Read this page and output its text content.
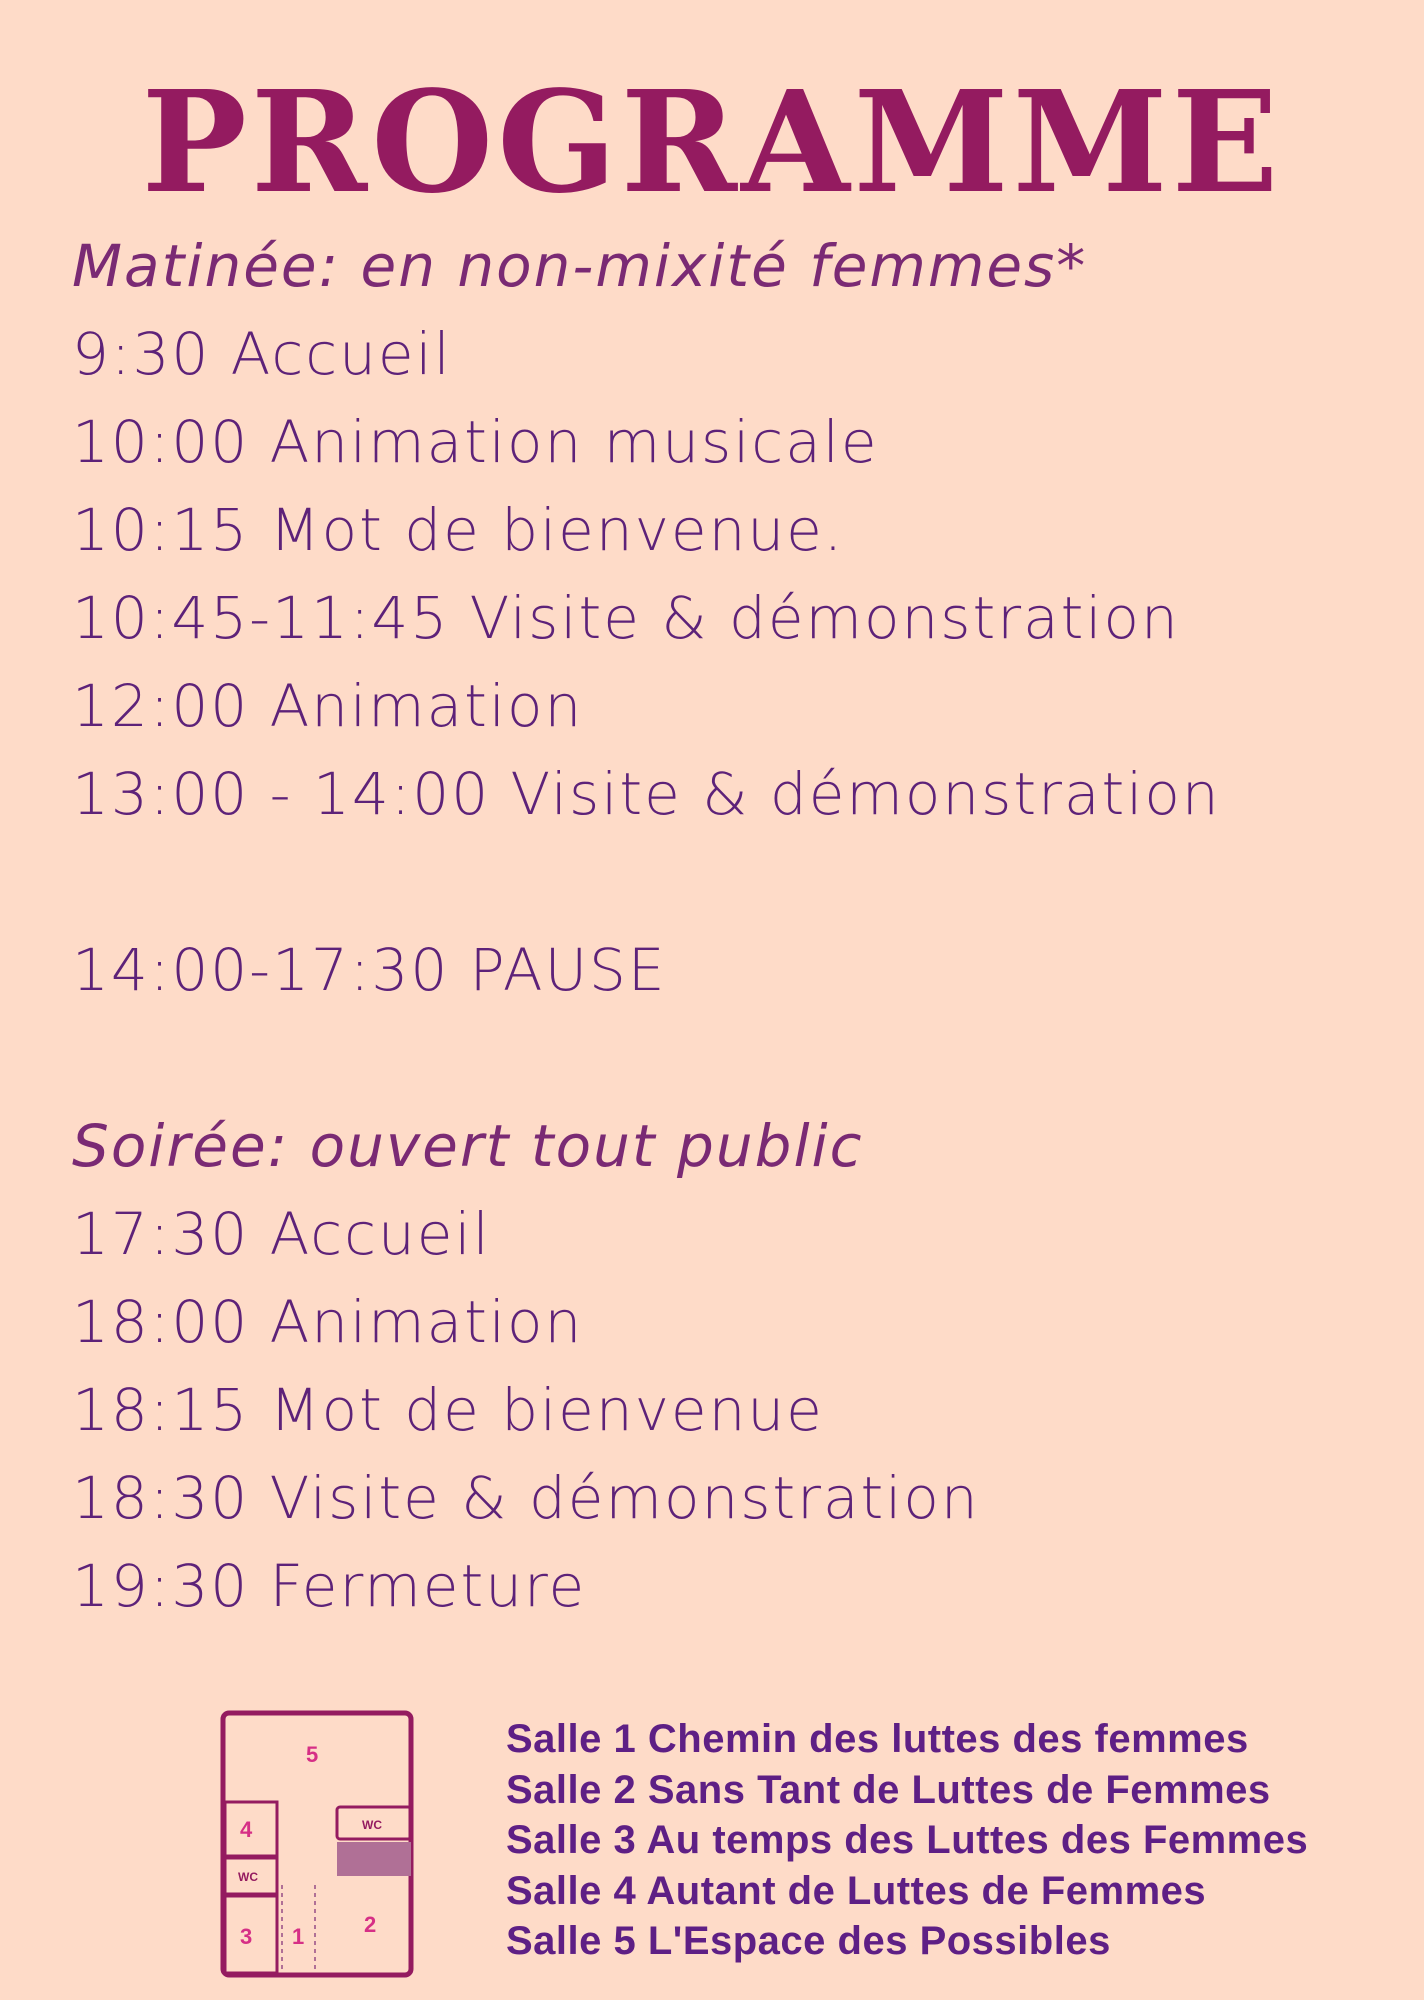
PROGRAMME
Matinée: en non-mixité femmes*
9:30 Accueil
10:00 Animation musicale
10:15 Mot de bienvenue.
10:45-11:45 Visite & démonstration
12:00 Animation
13:00 - 14:00 Visite & démonstration
14:00-17:30 PAUSE
Soirée: ouvert tout public
17:30 Accueil
18:00 Animation
18:15 Mot de bienvenue
18:30 Visite & démonstration
19:30 Fermeture
5
4
WC
3 1	2
WC
Salle 1 Chemin des luttes des femmes
Salle 2 Sans Tant de Luttes de Femmes
Salle 3 Au temps des Luttes des Femmes
Salle 4 Autant de Luttes de Femmes
Salle 5 L'Espace des Possibles
